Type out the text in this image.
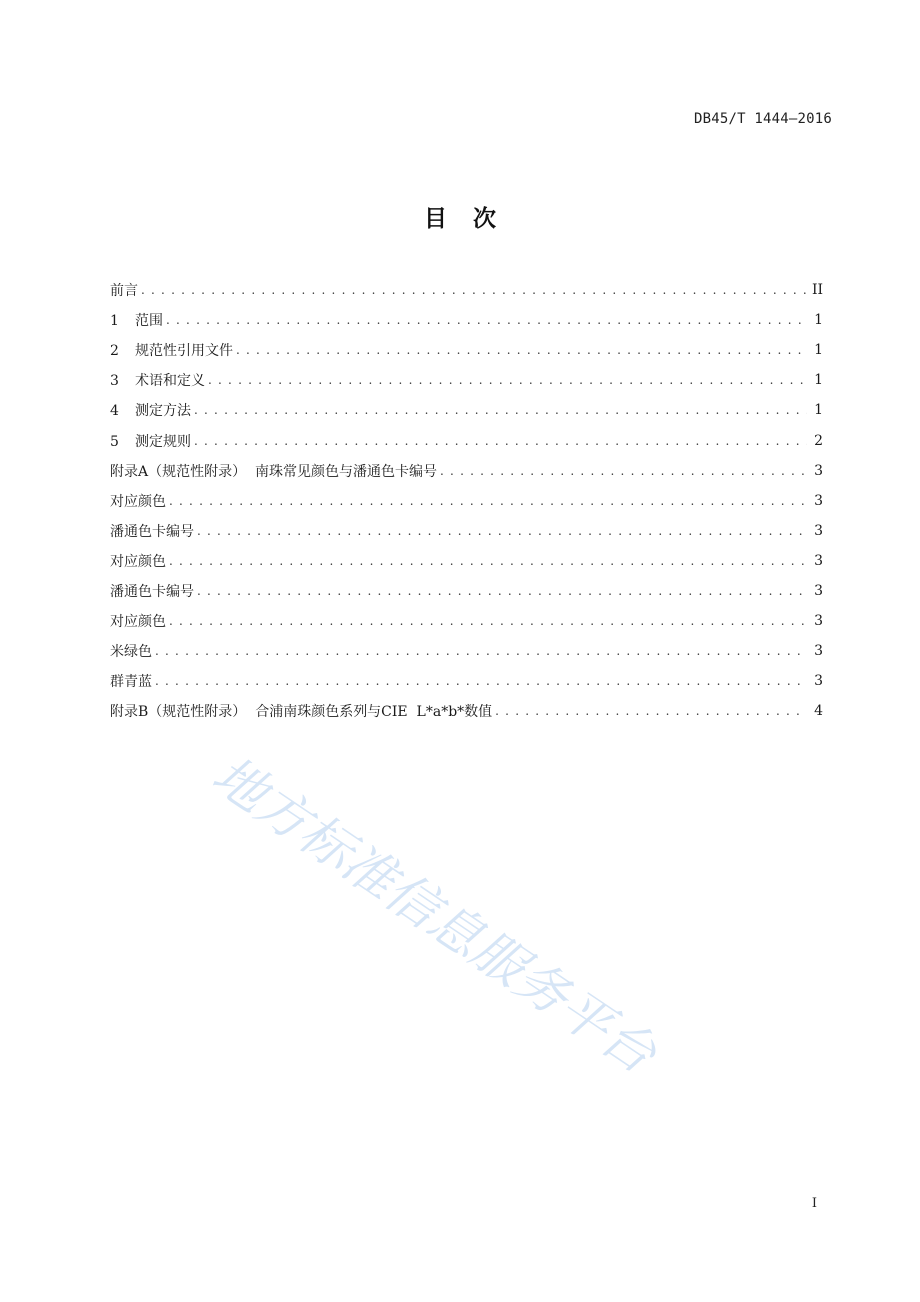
DB45/T 1444—2016
目 次
前言 . . .	II
1 范围 . . .	1
2 规范性引用文件 . . .	1
3 术语和定义 . . .	1
4 测定方法 . . .	1
5 测定规则 . . .	2
附录A（规范性附录）  南珠常见颜色与潘通色卡编号 . . .	3
对应颜色 . . .	3
潘通色卡编号 . . .	3
对应颜色 . . .	3
潘通色卡编号 . . .	3
对应颜色 . . .	3
米绿色 . . .	3
群青蓝 . . .	3
附录B（规范性附录）  合浦南珠颜色系列与CIE  L*a*b*数值 . . .	4
地方标准信息服务平台
I
